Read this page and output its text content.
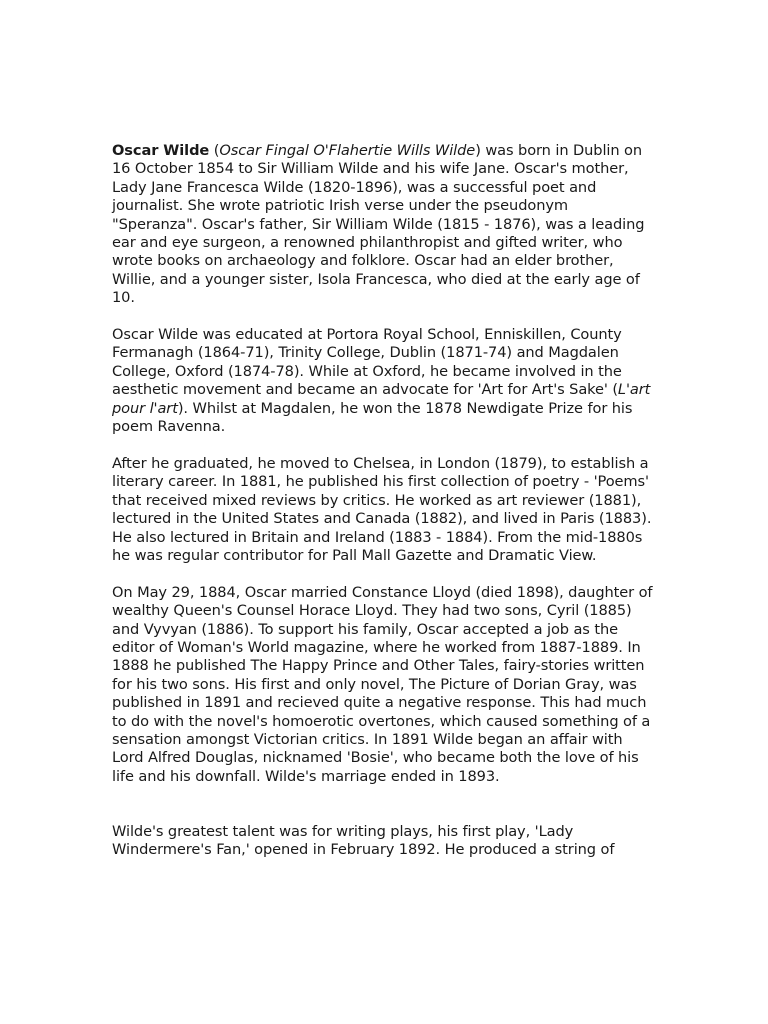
Oscar Wilde (Oscar Fingal O'Flahertie Wills Wilde) was born in Dublin on 16 October 1854 to Sir William Wilde and his wife Jane. Oscar's mother, Lady Jane Francesca Wilde (1820-1896), was a successful poet and journalist. She wrote patriotic Irish verse under the pseudonym "Speranza". Oscar's father, Sir William Wilde (1815 - 1876), was a leading ear and eye surgeon, a renowned philanthropist and gifted writer, who wrote books on archaeology and folklore. Oscar had an elder brother, Willie, and a younger sister, Isola Francesca, who died at the early age of 10.

Oscar Wilde was educated at Portora Royal School, Enniskillen, County Fermanagh (1864-71), Trinity College, Dublin (1871-74) and Magdalen College, Oxford (1874-78). While at Oxford, he became involved in the aesthetic movement and became an advocate for 'Art for Art's Sake' (L'art pour l'art). Whilst at Magdalen, he won the 1878 Newdigate Prize for his poem Ravenna.

After he graduated, he moved to Chelsea, in London (1879), to establish a literary career. In 1881, he published his first collection of poetry - 'Poems' that received mixed reviews by critics. He worked as art reviewer (1881), lectured in the United States and Canada (1882), and lived in Paris (1883). He also lectured in Britain and Ireland (1883 - 1884). From the mid-1880s he was regular contributor for Pall Mall Gazette and Dramatic View.

On May 29, 1884, Oscar married Constance Lloyd (died 1898), daughter of wealthy Queen's Counsel Horace Lloyd. They had two sons, Cyril (1885) and Vyvyan (1886). To support his family, Oscar accepted a job as the editor of Woman's World magazine, where he worked from 1887-1889. In 1888 he published The Happy Prince and Other Tales, fairy-stories written for his two sons. His first and only novel, The Picture of Dorian Gray, was published in 1891 and recieved quite a negative response. This had much to do with the novel's homoerotic overtones, which caused something of a sensation amongst Victorian critics. In 1891 Wilde began an affair with Lord Alfred Douglas, nicknamed 'Bosie', who became both the love of his life and his downfall. Wilde's marriage ended in 1893.

Wilde's greatest talent was for writing plays, his first play, 'Lady Windermere's Fan,' opened in February 1892. He produced a string of
